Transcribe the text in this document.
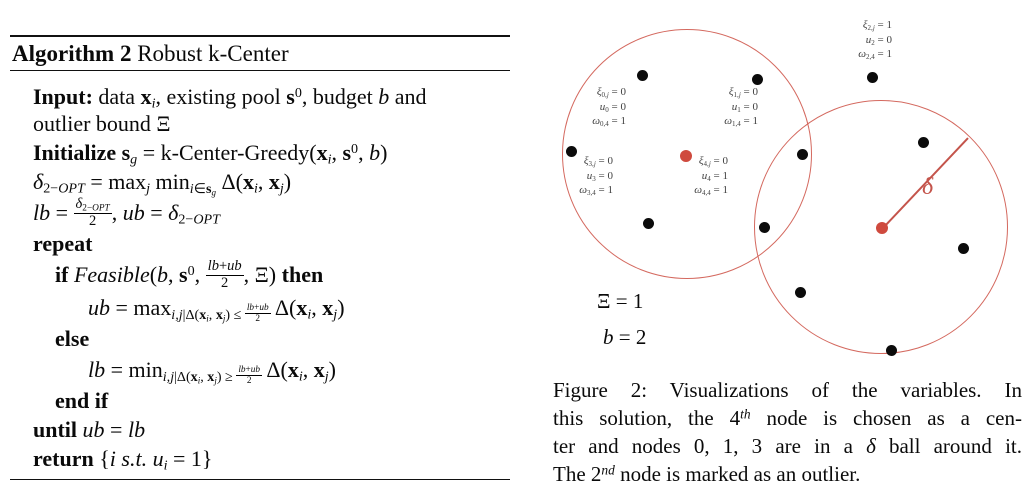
Algorithm 2 Robust k-Center
Input: data $x_i$, existing pool $s^0$, budget b and
outlier bound Ξ
Initialize $s_g$ = $k-Center-Greedy(x_i$, $s^0$, b)
$\delta_{2-OPT} = \max_j \min_{i\in s_g} \Delta(x_i$, $x_j$)
lb = $\frac{\delta_{2-OPT}}{2}$ , ub = $\delta_{2-OPT}$
repeat
if Feasible(b, $s^0$, $\frac{lb+ub}{2}$ , Ξ) then
ub = $\max_{i,j|\Delta(x_i, x_j) \le \frac{lb+ub}{2}} \Delta(x_i$, $x_j$)
else
lb = $\min_{i,j|\Delta(x_i, x_j) \ge \frac{lb+ub}{2}} \Delta(x_i$, $x_j$)
end if
until ub = lb
return {i s.t. $u_i = 1$}
δ
$\xi_{0,j} = 0$
$u_0 = 0$
$\omega_{0,4} = 1$
$\xi_{1,j} = 0$
$u_1 = 0$
$\omega_{1,4} = 1$
$\xi_{2,j} = 1$
$u_2 = 0$
$\omega_{2,4} = 1$
$\xi_{3,j} = 0$
$u_3 = 0$
$\omega_{3,4} = 1$
$\xi_{4,j} = 0$
$u_4 = 1$
$\omega_{4,4} = 1$
Ξ = 1
b = 2
Figure 2: Visualizations of the variables. In
this solution, the 4th node is chosen as a cen-
ter and nodes 0, 1, 3 are in a δ ball around it.
The 2nd node is marked as an outlier.
